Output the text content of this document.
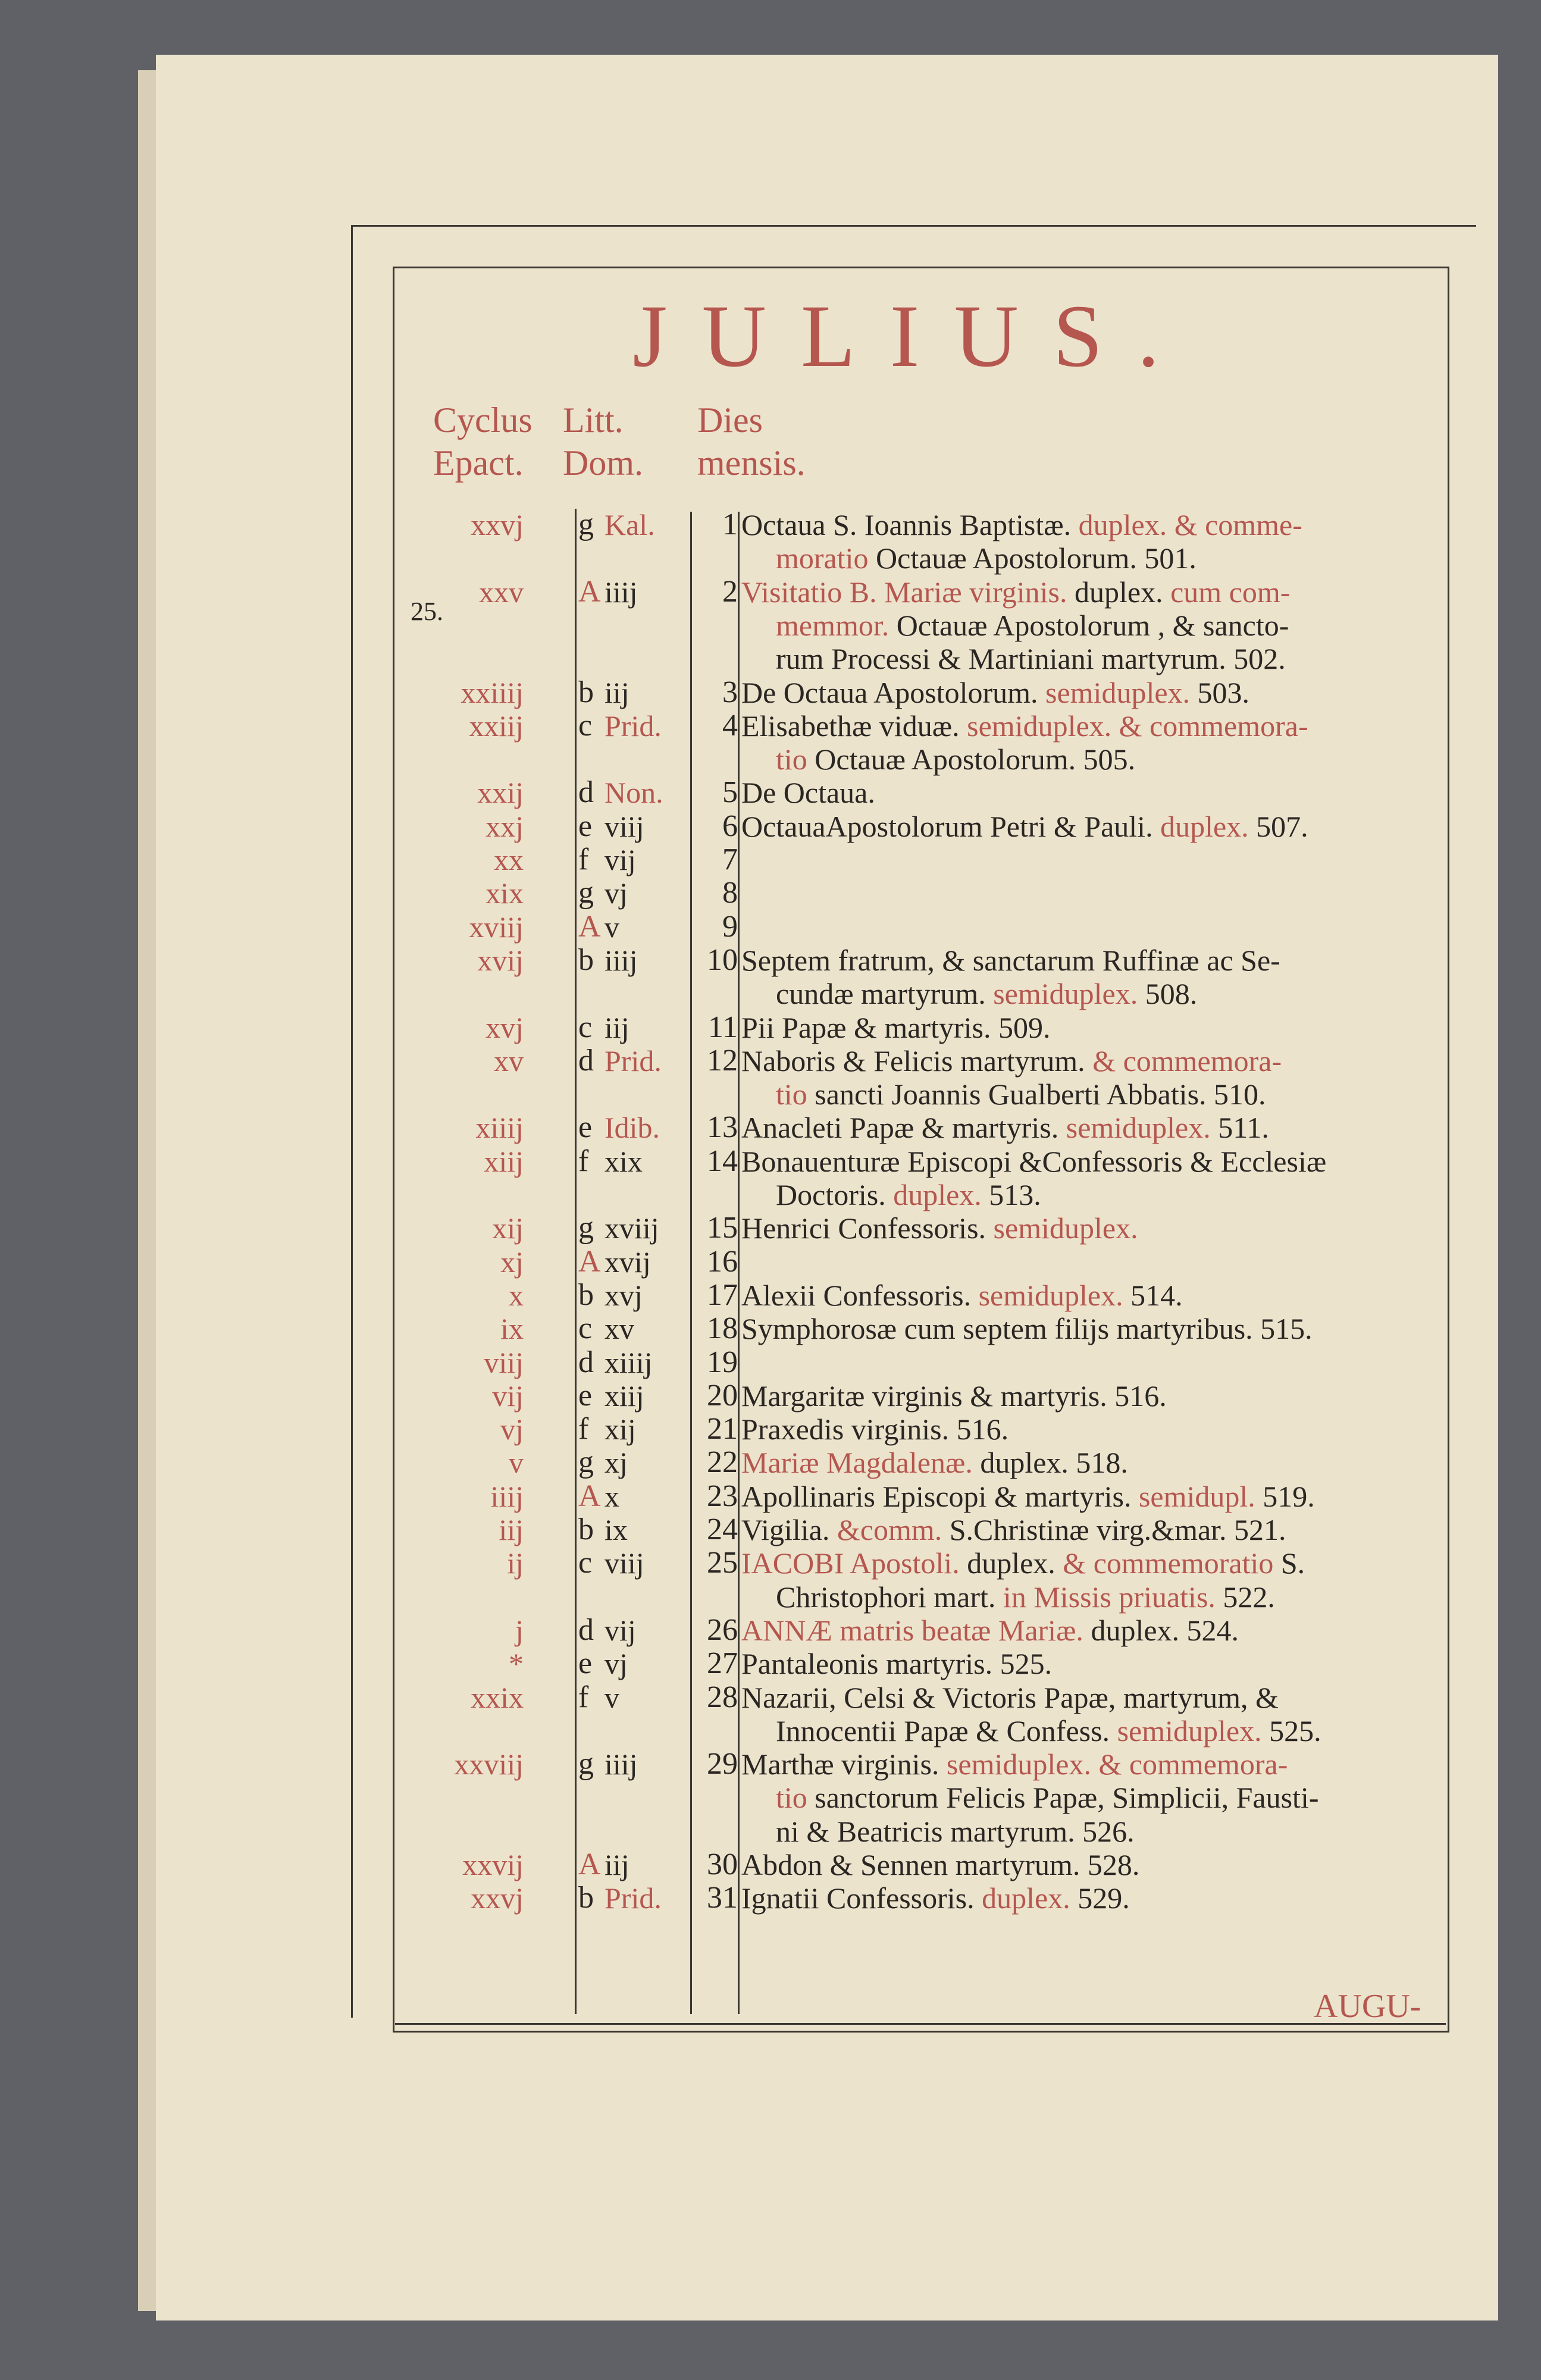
JULIUS.
Cyclus
Epact.
Litt.
Dom.
Dies
mensis.
25.
xxvj g Kal.	1 Octaua S. Ioannis Baptistæ. duplex. & comme-
moratio Octauæ Apostolorum. 501.
xxv A iiij	2 Visitatio B. Mariæ virginis. duplex. cum com-
memmor. Octauæ Apostolorum , & sancto-
rum Processi & Martiniani martyrum. 502.
xxiiij b iij	3 De Octaua Apostolorum. semiduplex. 503.
xxiij c Prid.	4 Elisabethæ viduæ. semiduplex. & commemora-
tio Octauæ Apostolorum. 505.
xxij d Non.	5 De Octaua.
xxj e viij	6 OctauaApostolorum Petri & Pauli. duplex. 507.
xx f vij	7
xix g vj	8
xviij A v	9
xvij b iiij	10 Septem fratrum, & sanctarum Ruffinæ ac Se-
cundæ martyrum. semiduplex. 508.
xvj c iij	11 Pii Papæ & martyris. 509.
xv d Prid.	12 Naboris & Felicis martyrum. & commemora-
tio sancti Joannis Gualberti Abbatis. 510.
xiiij e Idib.	13 Anacleti Papæ & martyris. semiduplex. 511.
xiij f xix	14 Bonauenturæ Episcopi &Confessoris & Ecclesiæ
Doctoris. duplex. 513.
xij g xviij	15 Henrici Confessoris. semiduplex.
xj A xvij	16
x b xvj	17 Alexii Confessoris. semiduplex. 514.
ix c xv	18 Symphorosæ cum septem filijs martyribus. 515.
viij d xiiij	19
vij e xiij	20 Margaritæ virginis & martyris. 516.
vj f xij	21 Praxedis virginis. 516.
v g xj	22 Mariæ Magdalenæ. duplex. 518.
iiij A x	23 Apollinaris Episcopi & martyris. semidupl. 519.
iij b ix	24 Vigilia. &comm. S.Christinæ virg.&mar. 521.
ij c viij	25 IACOBI Apostoli. duplex. & commemoratio S.
Christophori mart. in Missis priuatis. 522.
j d vij	26 ANNÆ matris beatæ Mariæ. duplex. 524.
* e vj	27 Pantaleonis martyris. 525.
xxix f v	28 Nazarii, Celsi & Victoris Papæ, martyrum, &
Innocentii Papæ & Confess. semiduplex. 525.
xxviij g iiij	29 Marthæ virginis. semiduplex. & commemora-
tio sanctorum Felicis Papæ, Simplicii, Fausti-
ni & Beatricis martyrum. 526.
xxvij A iij	30 Abdon & Sennen martyrum. 528.
xxvj b Prid.	31 Ignatii Confessoris. duplex. 529.
AUGU-
